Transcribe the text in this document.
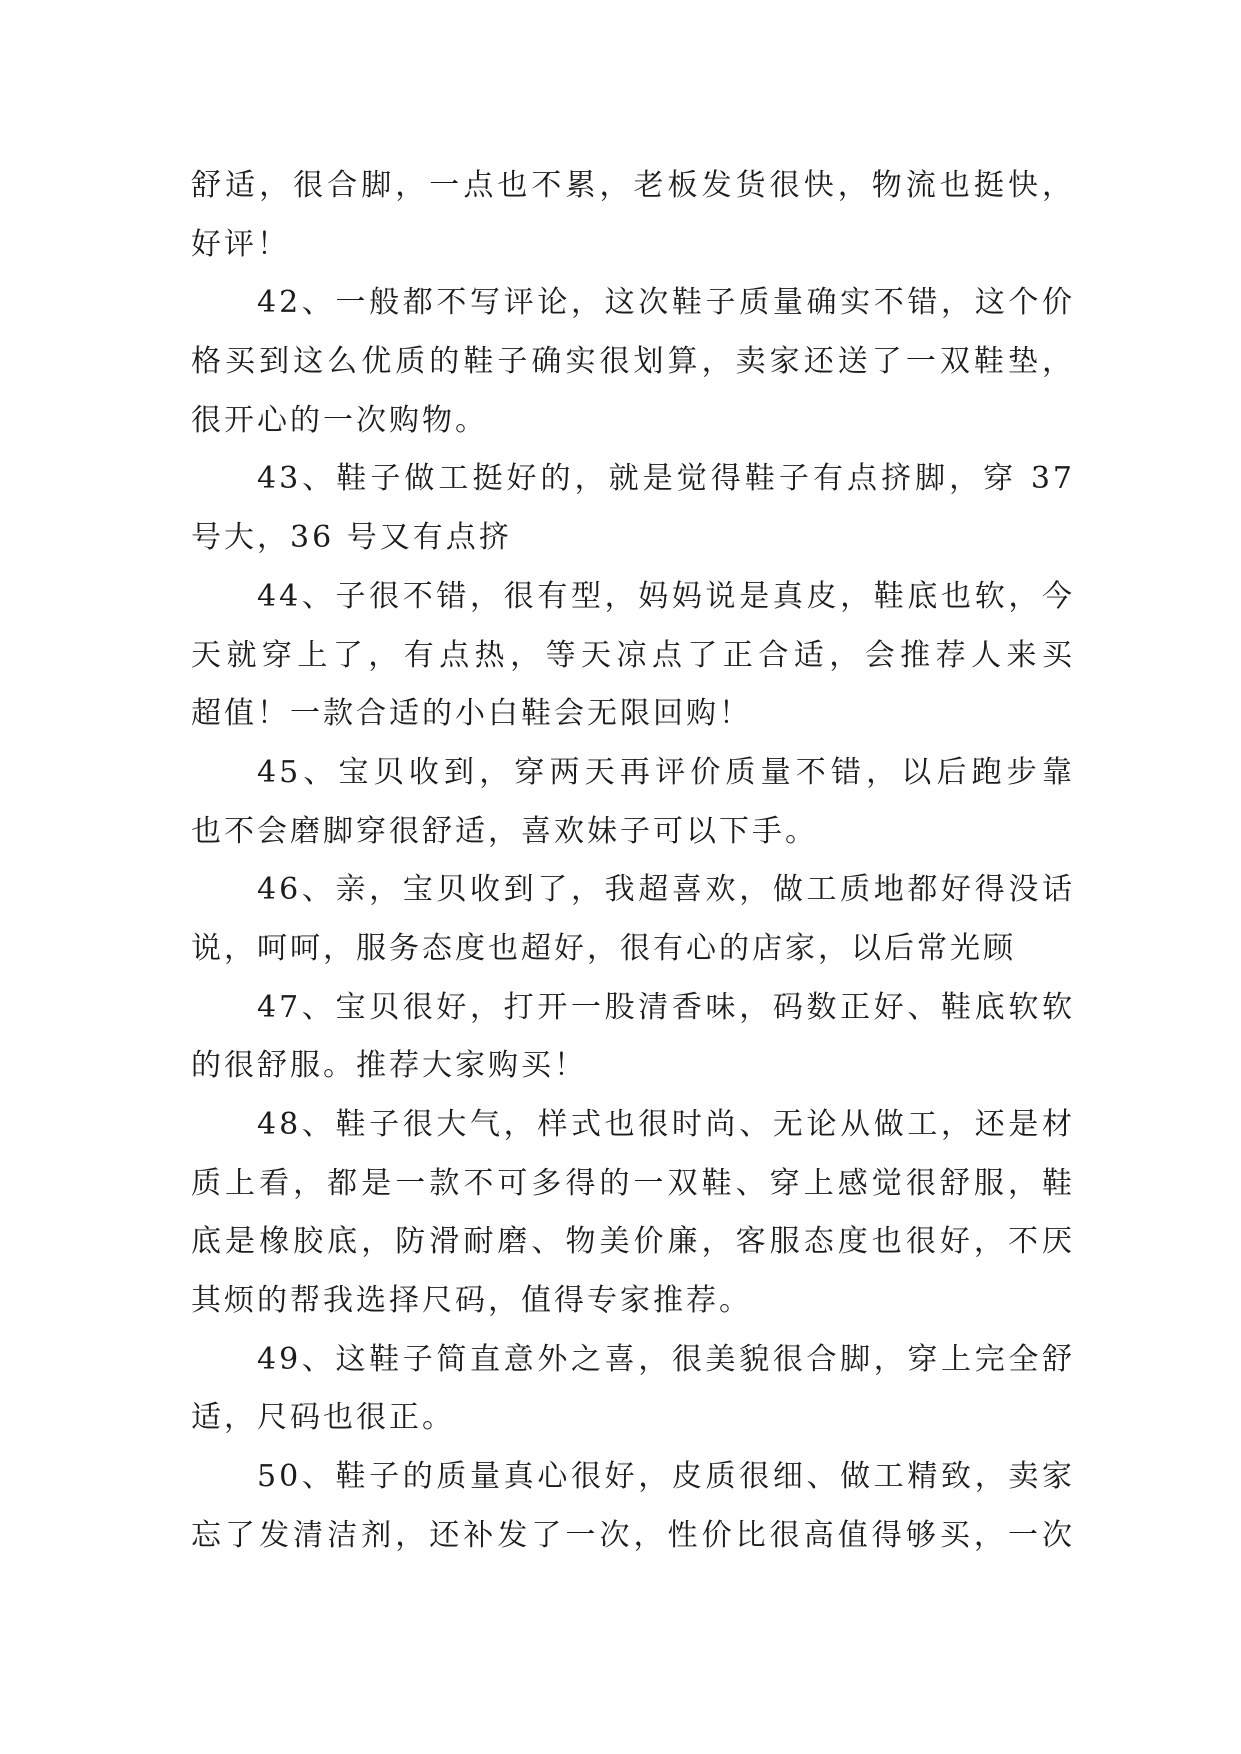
舒适，很合脚，一点也不累，老板发货很快，物流也挺快，
好评！
42、一般都不写评论，这次鞋子质量确实不错，这个价
格买到这么优质的鞋子确实很划算，卖家还送了一双鞋垫，
很开心的一次购物。
43、鞋子做工挺好的，就是觉得鞋子有点挤脚，穿 37
号大，36 号又有点挤
44、子很不错，很有型，妈妈说是真皮，鞋底也软，今
天就穿上了，有点热，等天凉点了正合适，会推荐人来买
超值！一款合适的小白鞋会无限回购！
45、宝贝收到，穿两天再评价质量不错，以后跑步靠
也不会磨脚穿很舒适，喜欢妹子可以下手。
46、亲，宝贝收到了，我超喜欢，做工质地都好得没话
说，呵呵，服务态度也超好，很有心的店家，以后常光顾
47、宝贝很好，打开一股清香味，码数正好、鞋底软软
的很舒服。推荐大家购买！
48、鞋子很大气，样式也很时尚、无论从做工，还是材
质上看，都是一款不可多得的一双鞋、穿上感觉很舒服，鞋
底是橡胶底，防滑耐磨、物美价廉，客服态度也很好，不厌
其烦的帮我选择尺码，值得专家推荐。
49、这鞋子简直意外之喜，很美貌很合脚，穿上完全舒
适，尺码也很正。
50、鞋子的质量真心很好，皮质很细、做工精致，卖家
忘了发清洁剂，还补发了一次，性价比很高值得够买，一次
